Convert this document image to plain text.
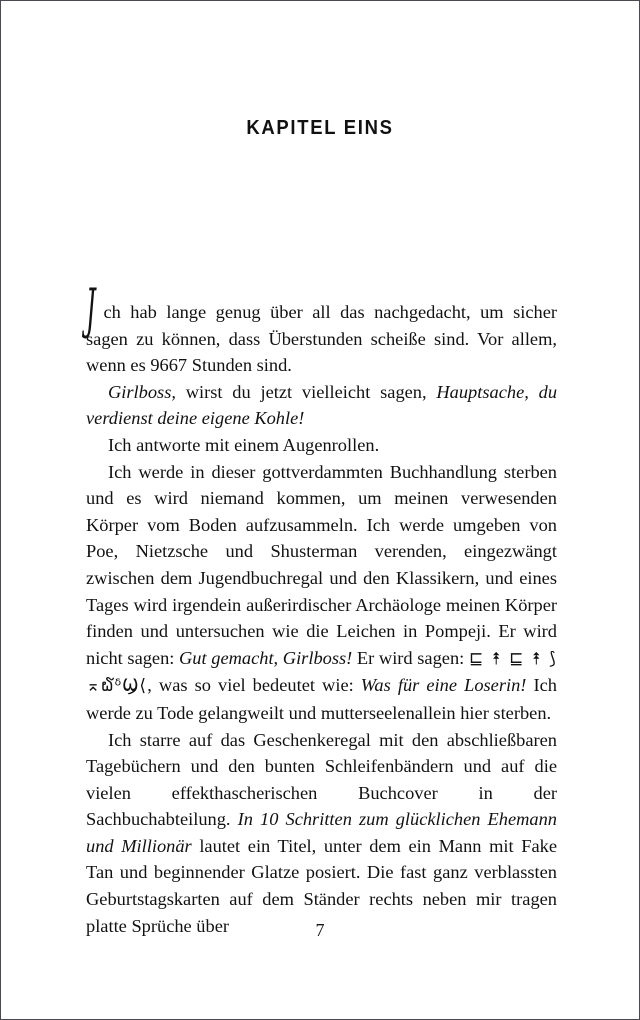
KAPITEL EINS

Jch hab lange genug über all das nachgedacht, um sicher sagen zu können, dass Überstunden scheiße sind. Vor allem, wenn es 9667 Stunden sind.

Girlboss, wirst du jetzt vielleicht sagen, Hauptsache, du verdienst deine eigene Kohle!

Ich antworte mit einem Augenrollen.

Ich werde in dieser gottverdammten Buchhandlung sterben und es wird niemand kommen, um meinen verwesenden Körper vom Boden aufzusammeln. Ich werde umgeben von Poe, Nietzsche und Shusterman verenden, eingezwängt zwischen dem Jugendbuchregal und den Klassikern, und eines Tages wird irgendein außerirdischer Archäologe meinen Körper finden und untersuchen wie die Leichen in Pompeji. Er wird nicht sagen: Gut gemacht, Girlboss! Er wird sagen: ⊑ ⯭ ⊑ ⯭ ⟆⌅໖ᵟϢ⟨, was so viel bedeutet wie: Was für eine Loserin! Ich werde zu Tode gelangweilt und mutterseelenallein hier sterben.

Ich starre auf das Geschenkeregal mit den abschließbaren Tagebüchern und den bunten Schleifenbändern und auf die vielen effekthascherischen Buchcover in der Sachbuchabteilung. In 10 Schritten zum glücklichen Ehemann und Millionär lautet ein Titel, unter dem ein Mann mit Fake Tan und beginnender Glatze posiert. Die fast ganz verblassten Geburtstagskarten auf dem Ständer rechts neben mir tragen platte Sprüche über	7
